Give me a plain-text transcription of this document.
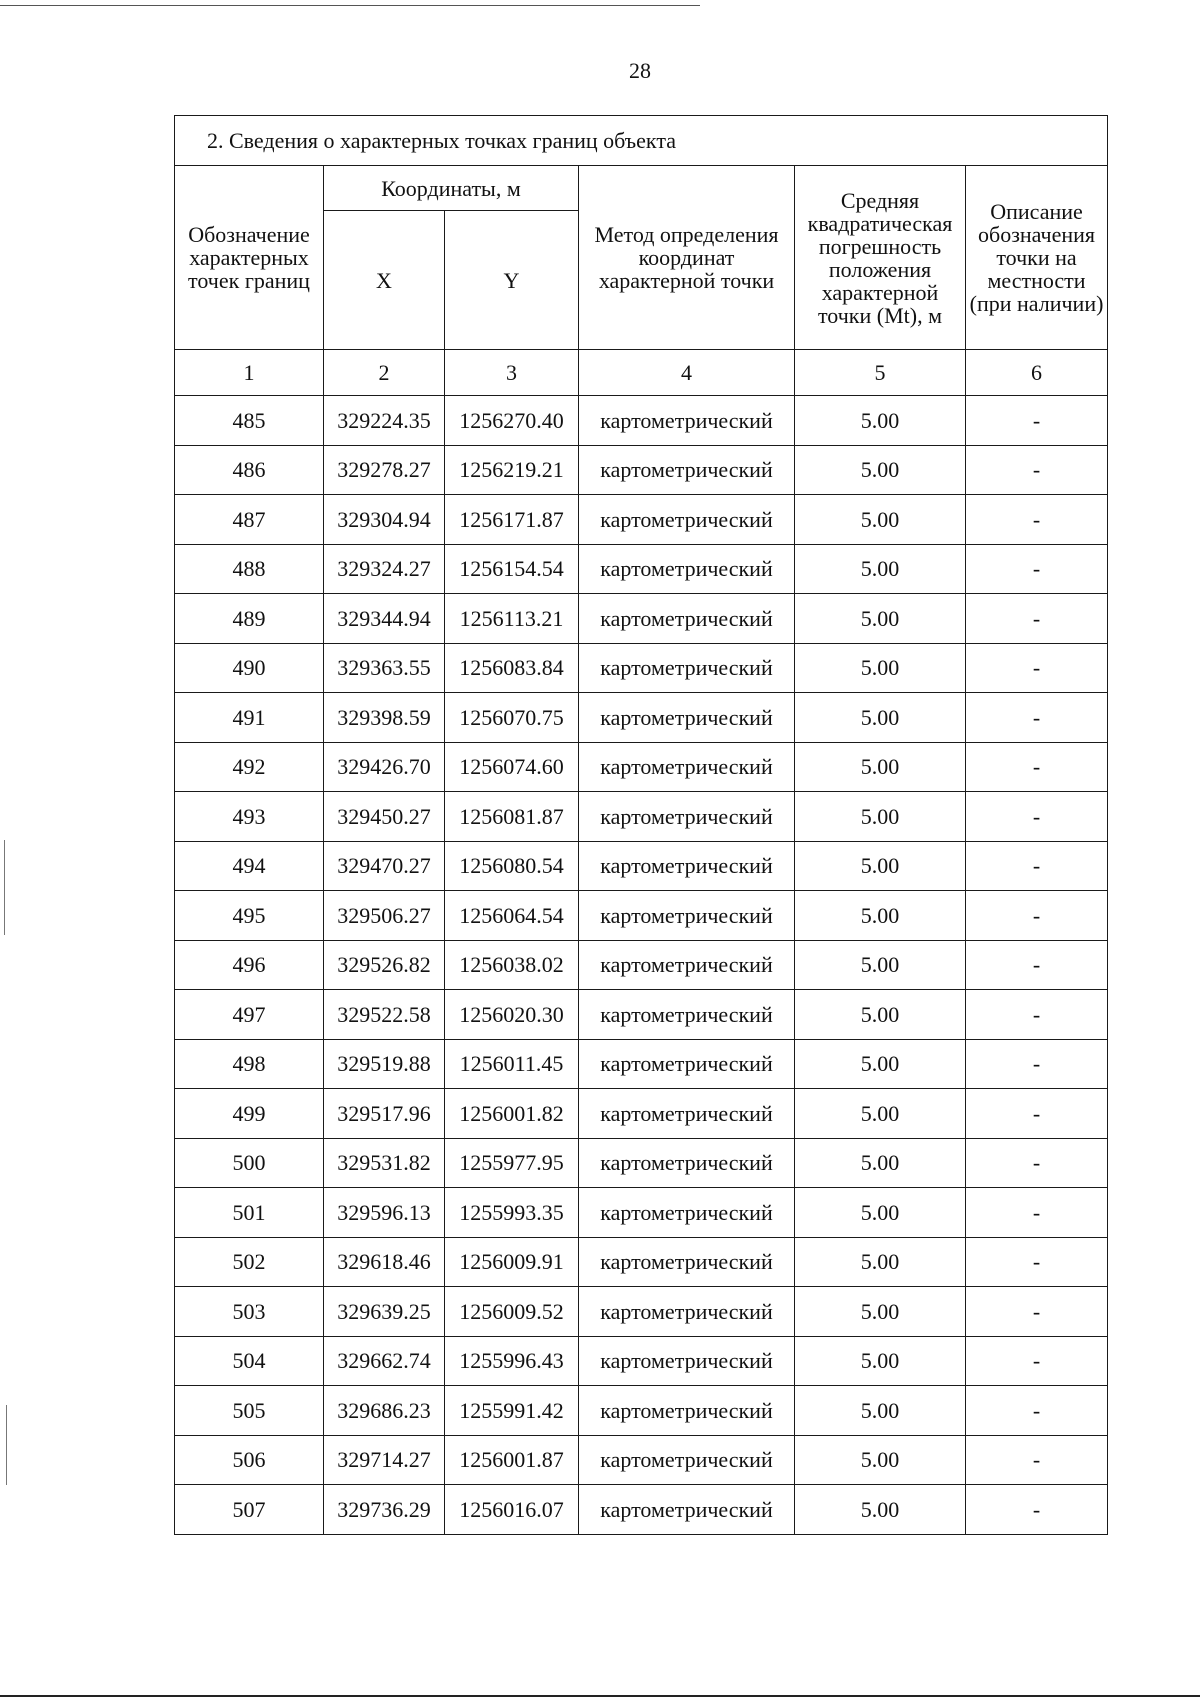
28
2. Сведения о характерных точках границ объекта					
Обозначение характерных точек границ	Координаты, м		Метод определения координат характерной точки	Средняя квадратическая погрешность положения характерной точки (Mt), м	Описание обозначения точки на местности (при наличии)
	X	Y			
1	2	3	4	5	6
485	329224.35	1256270.40	картометрический	5.00	-
486	329278.27	1256219.21	картометрический	5.00	-
487	329304.94	1256171.87	картометрический	5.00	-
488	329324.27	1256154.54	картометрический	5.00	-
489	329344.94	1256113.21	картометрический	5.00	-
490	329363.55	1256083.84	картометрический	5.00	-
491	329398.59	1256070.75	картометрический	5.00	-
492	329426.70	1256074.60	картометрический	5.00	-
493	329450.27	1256081.87	картометрический	5.00	-
494	329470.27	1256080.54	картометрический	5.00	-
495	329506.27	1256064.54	картометрический	5.00	-
496	329526.82	1256038.02	картометрический	5.00	-
497	329522.58	1256020.30	картометрический	5.00	-
498	329519.88	1256011.45	картометрический	5.00	-
499	329517.96	1256001.82	картометрический	5.00	-
500	329531.82	1255977.95	картометрический	5.00	-
501	329596.13	1255993.35	картометрический	5.00	-
502	329618.46	1256009.91	картометрический	5.00	-
503	329639.25	1256009.52	картометрический	5.00	-
504	329662.74	1255996.43	картометрический	5.00	-
505	329686.23	1255991.42	картометрический	5.00	-
506	329714.27	1256001.87	картометрический	5.00	-
507	329736.29	1256016.07	картометрический	5.00	-
